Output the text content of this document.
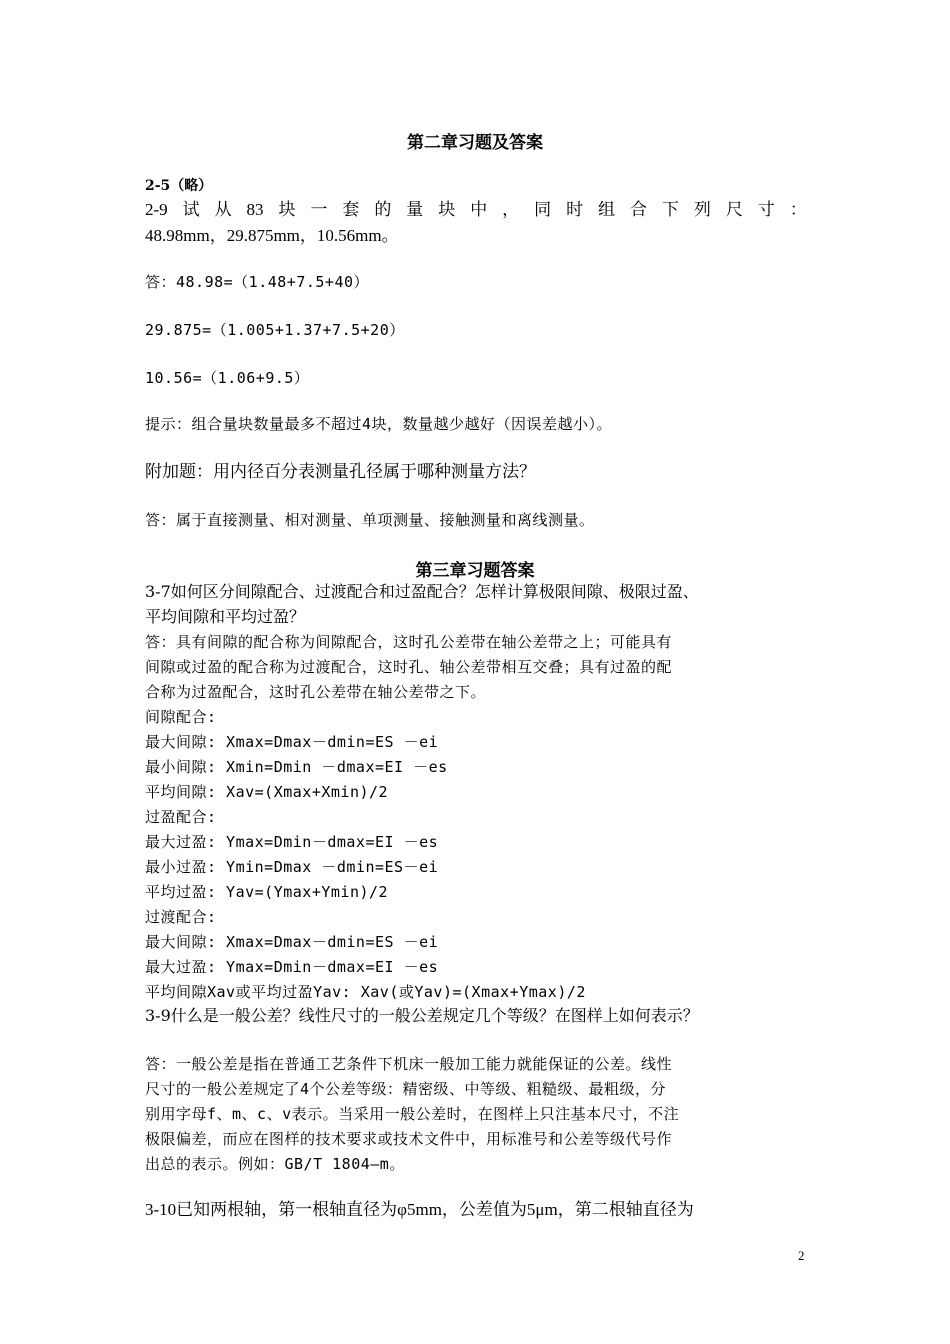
第二章习题及答案
2-5（略）
2-9 试 从 83 块 一 套 的 量 块 中 ， 同 时 组 合 下 列 尺 寸 ：
48.98mm，29.875mm，10.56mm。
答：48.98=（1.48+7.5+40）
29.875=（1.005+1.37+7.5+20）
10.56=（1.06+9.5）
提示：组合量块数量最多不超过4块，数量越少越好（因误差越小）。
附加题：用内径百分表测量孔径属于哪种测量方法？
答：属于直接测量、相对测量、单项测量、接触测量和离线测量。
第三章习题答案
3-7如何区分间隙配合、过渡配合和过盈配合？怎样计算极限间隙、极限过盈、
平均间隙和平均过盈？
答：具有间隙的配合称为间隙配合，这时孔公差带在轴公差带之上；可能具有
间隙或过盈的配合称为过渡配合，这时孔、轴公差带相互交叠；具有过盈的配
合称为过盈配合，这时孔公差带在轴公差带之下。
间隙配合:
最大间隙: Xmax=Dmax－dmin=ES －ei
最小间隙: Xmin=Dmin －dmax=EI －es
平均间隙: Xav=(Xmax+Xmin)/2
过盈配合:
最大过盈: Ymax=Dmin－dmax=EI －es
最小过盈: Ymin=Dmax －dmin=ES－ei
平均过盈: Yav=(Ymax+Ymin)/2
过渡配合:
最大间隙: Xmax=Dmax－dmin=ES －ei
最大过盈: Ymax=Dmin－dmax=EI －es
平均间隙Xav或平均过盈Yav: Xav(或Yav)=(Xmax+Ymax)/2
3-9什么是一般公差？线性尺寸的一般公差规定几个等级？在图样上如何表示？
答：一般公差是指在普通工艺条件下机床一般加工能力就能保证的公差。线性
尺寸的一般公差规定了4个公差等级：精密级、中等级、粗糙级、最粗级，分
别用字母f、m、c、v表示。当采用一般公差时，在图样上只注基本尺寸，不注
极限偏差，而应在图样的技术要求或技术文件中，用标准号和公差等级代号作
出总的表示。例如：GB/T 1804—m。
3-10已知两根轴，第一根轴直径为φ5mm，公差值为5μm，第二根轴直径为
2
